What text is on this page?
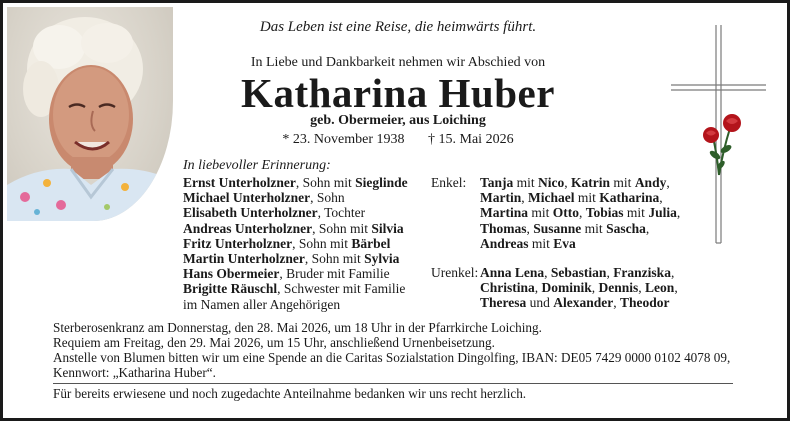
Das Leben ist eine Reise, die heimwärts führt.
In Liebe und Dankbarkeit nehmen wir Abschied von
Katharina Huber
geb. Obermeier, aus Loiching
* 23. November 1938 † 15. Mai 2026
In liebevoller Erinnerung:
Ernst Unterholzner, Sohn mit Sieglinde
Michael Unterholzner, Sohn
Elisabeth Unterholzner, Tochter
Andreas Unterholzner, Sohn mit Silvia
Fritz Unterholzner, Sohn mit Bärbel
Martin Unterholzner, Sohn mit Sylvia
Hans Obermeier, Bruder mit Familie
Brigitte Räuschl, Schwester mit Familie
im Namen aller Angehörigen
Enkel: Tanja mit Nico, Katrin mit Andy,
Martin, Michael mit Katharina,
Martina mit Otto, Tobias mit Julia,
Thomas, Susanne mit Sascha,
Andreas mit Eva
Urenkel: Anna Lena, Sebastian, Franziska,
Christina, Dominik, Dennis, Leon,
Theresa und Alexander, Theodor
Sterberosenkranz am Donnerstag, den 28. Mai 2026, um 18 Uhr in der Pfarrkirche Loiching.
Requiem am Freitag, den 29. Mai 2026, um 15 Uhr, anschließend Urnenbeisetzung.
Anstelle von Blumen bitten wir um eine Spende an die Caritas Sozialstation Dingolfing, IBAN: DE05 7429 0000 0102 4078 09,
Kennwort: „Katharina Huber“.
Für bereits erwiesene und noch zugedachte Anteilnahme bedanken wir uns recht herzlich.
